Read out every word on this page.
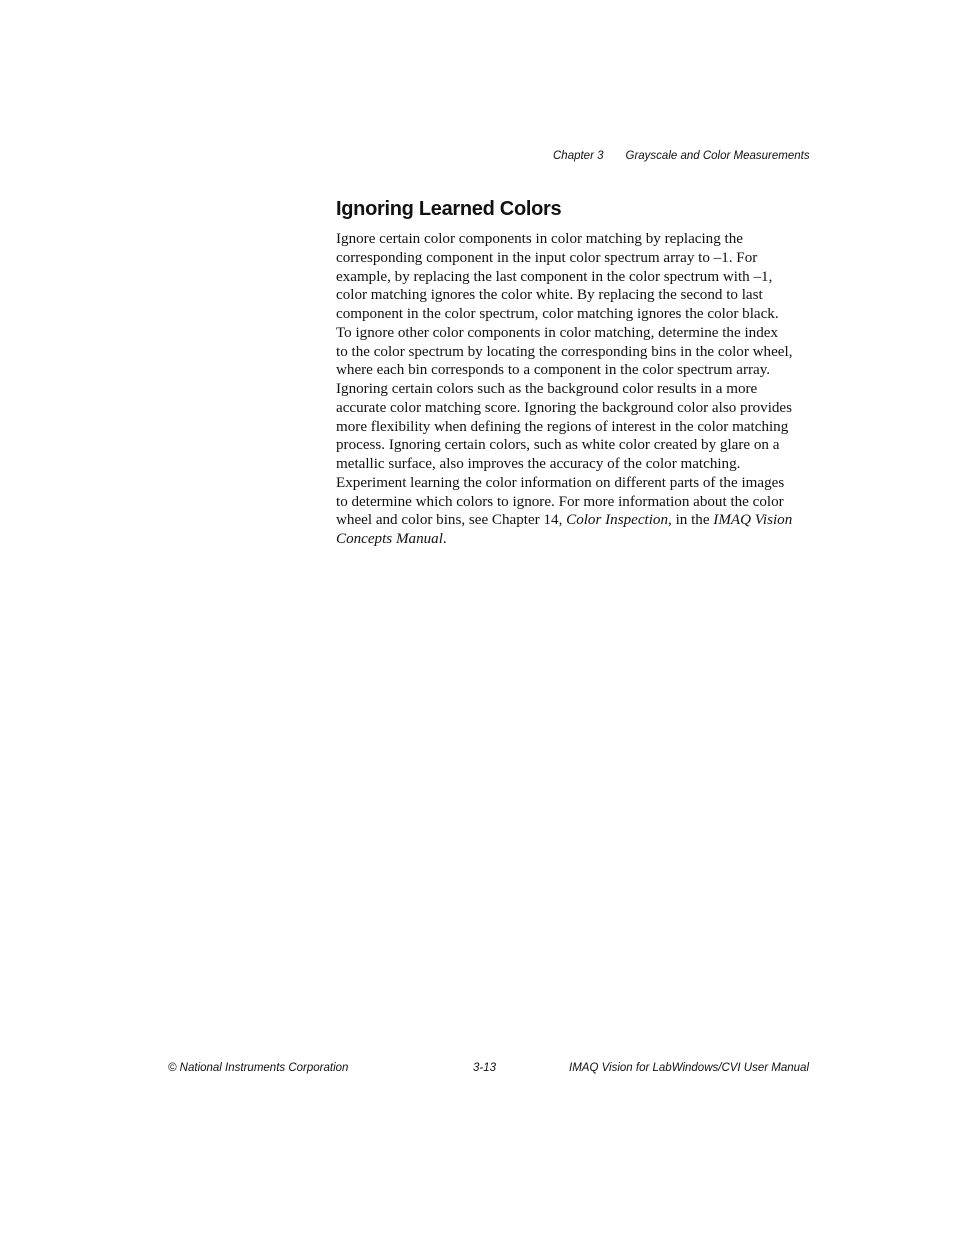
Chapter 3 Grayscale and Color Measurements
Ignoring Learned Colors

Ignore certain color components in color matching by replacing the
corresponding component in the input color spectrum array to –1. For
example, by replacing the last component in the color spectrum with –1,
color matching ignores the color white. By replacing the second to last
component in the color spectrum, color matching ignores the color black.
To ignore other color components in color matching, determine the index
to the color spectrum by locating the corresponding bins in the color wheel,
where each bin corresponds to a component in the color spectrum array.
Ignoring certain colors such as the background color results in a more
accurate color matching score. Ignoring the background color also provides
more flexibility when defining the regions of interest in the color matching
process. Ignoring certain colors, such as white color created by glare on a
metallic surface, also improves the accuracy of the color matching.
Experiment learning the color information on different parts of the images
to determine which colors to ignore. For more information about the color
wheel and color bins, see Chapter 14, Color Inspection, in the IMAQ Vision
Concepts Manual.

© National Instruments Corporation	3-13	IMAQ Vision for LabWindows/CVI User Manual
